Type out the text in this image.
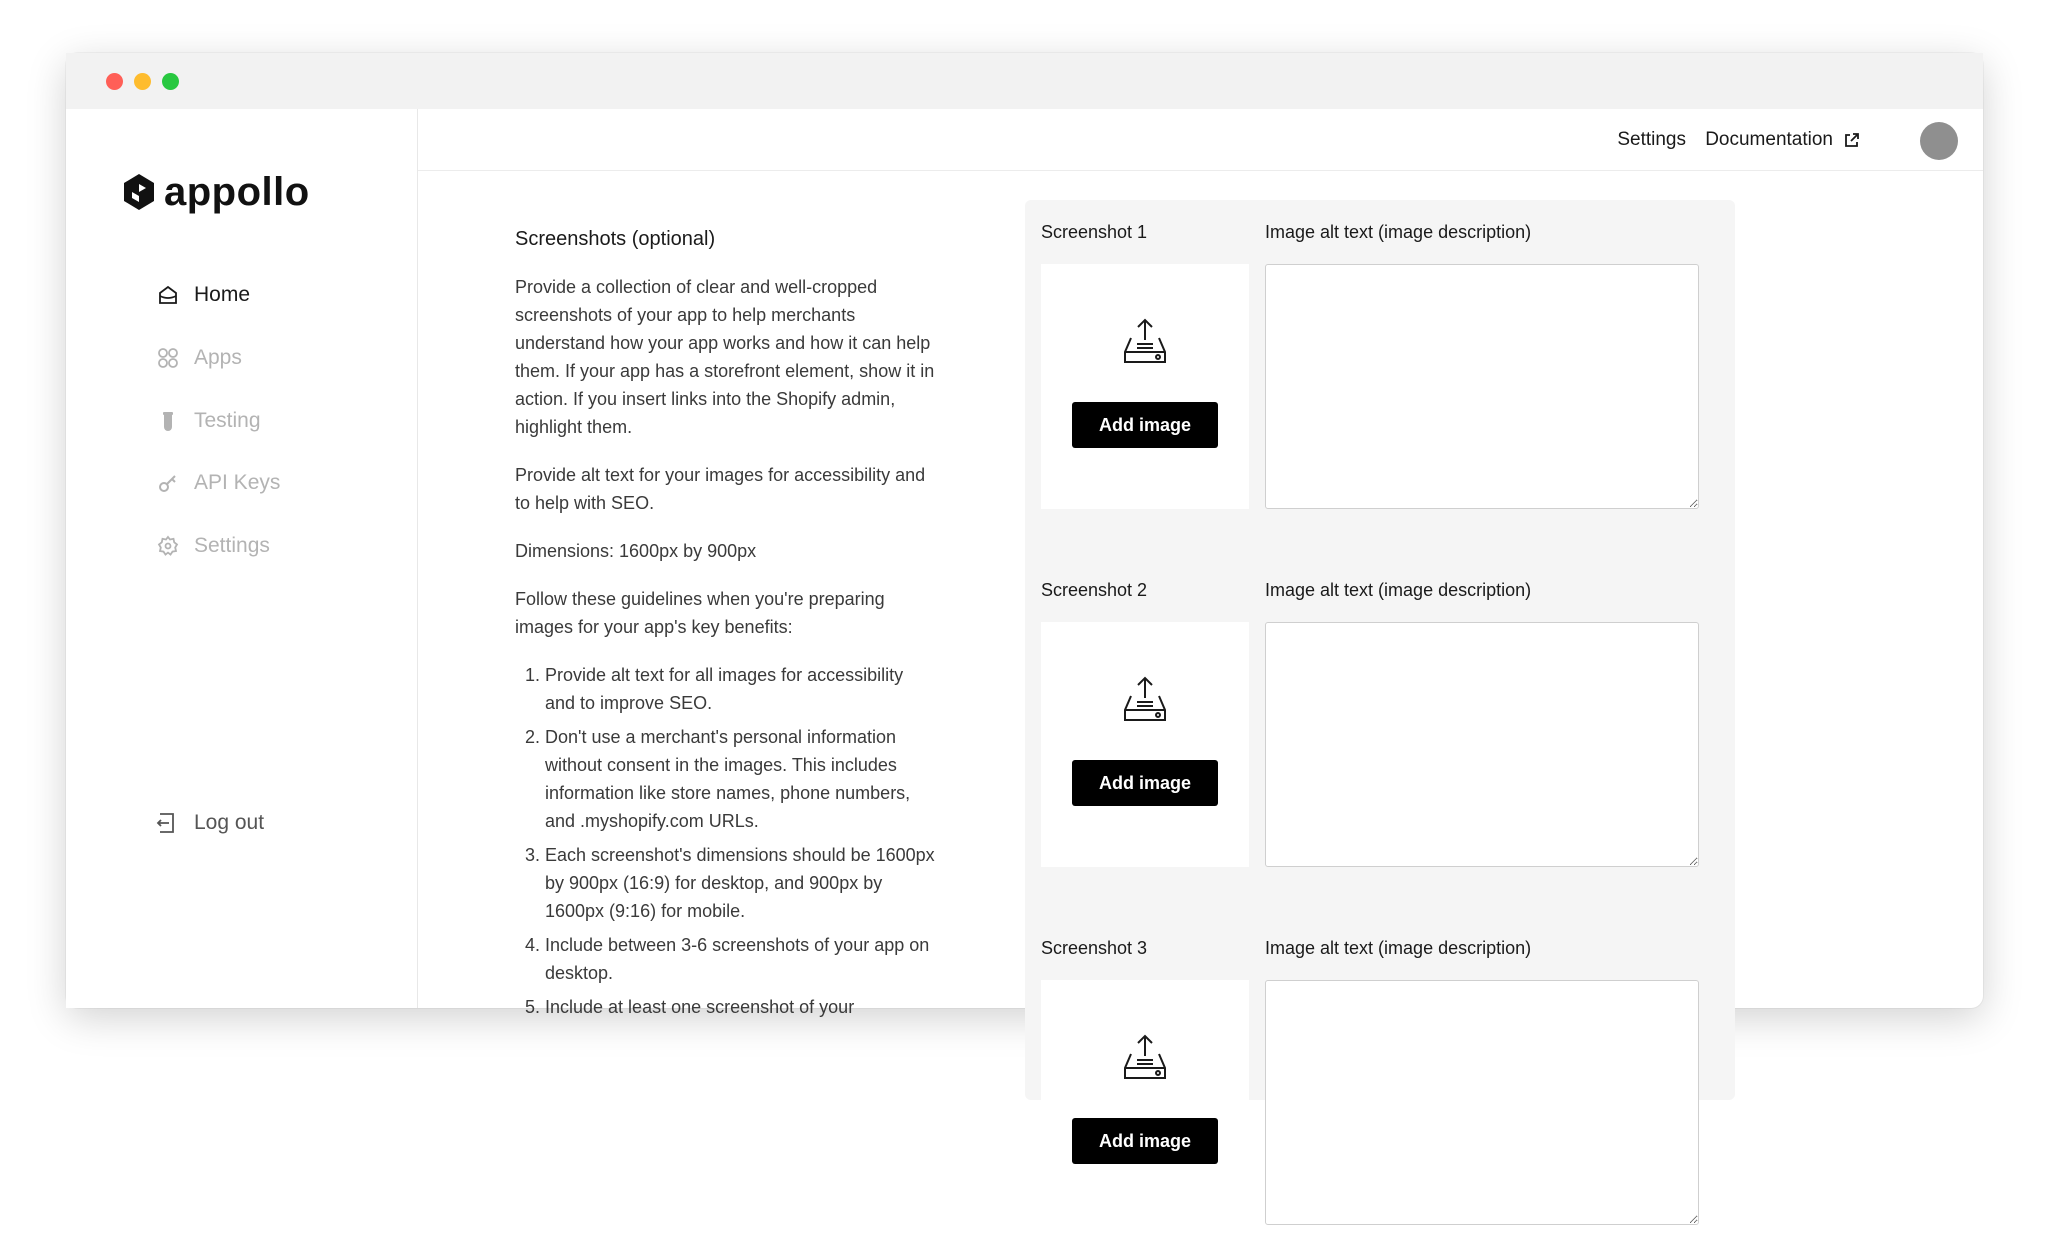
appollo
Home
Apps
Testing
API Keys
Settings
Log out
Settings Documentation
Screenshots (optional)

Provide a collection of clear and well-cropped screenshots of your app to help merchants understand how your app works and how it can help them. If your app has a storefront element, show it in action. If you insert links into the Shopify admin, highlight them.

Provide alt text for your images for accessibility and to help with SEO.

Dimensions: 1600px by 900px

Follow these guidelines when you're preparing images for your app's key benefits:

1. Provide alt text for all images for accessibility and to improve SEO.
2. Don't use a merchant's personal information without consent in the images. This includes information like store names, phone numbers, and .myshopify.com URLs.
3. Each screenshot's dimensions should be 1600px by 900px (16:9) for desktop, and 900px by 1600px (9:16) for mobile.
4. Include between 3-6 screenshots of your app on desktop.
5. Include at least one screenshot of your
Screenshot 1	Image alt text (image description)
Add image
Screenshot 2	Image alt text (image description)
Add image
Screenshot 3	Image alt text (image description)
Add image
